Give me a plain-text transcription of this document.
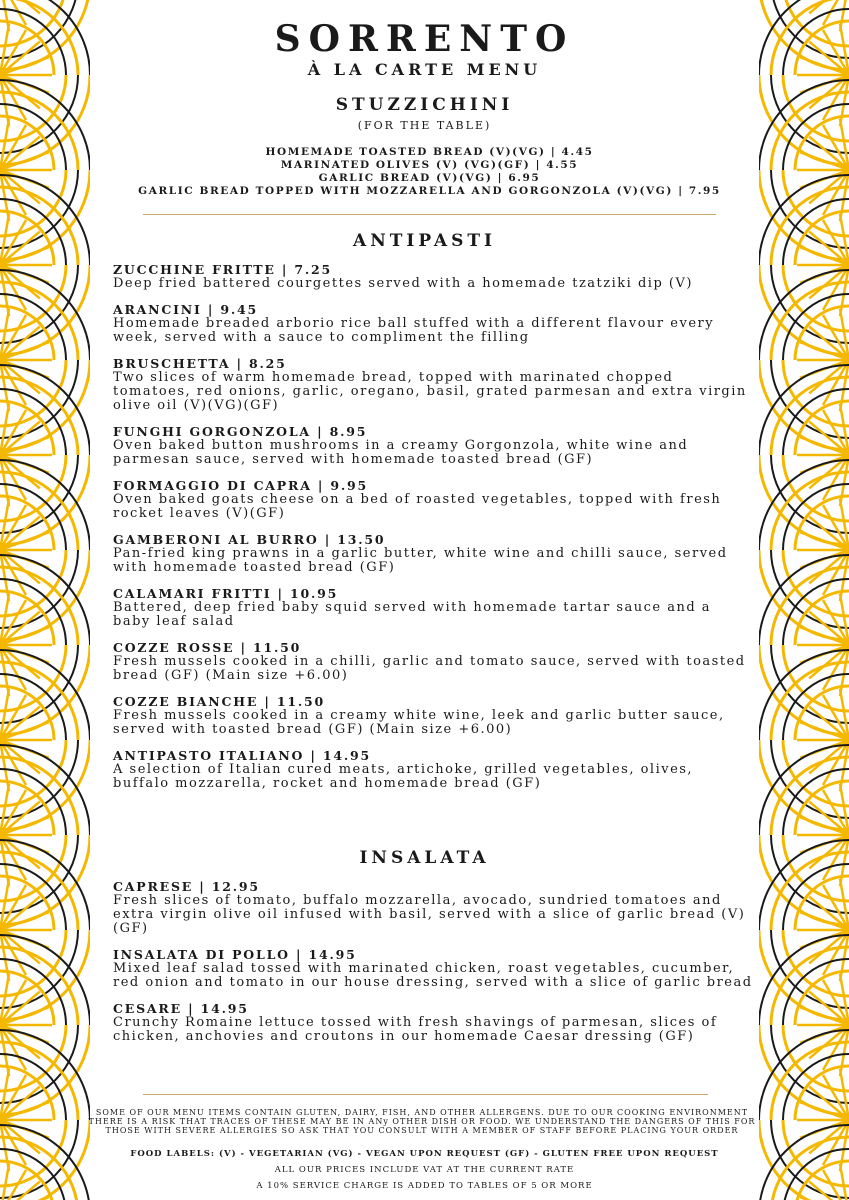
SORRENTO
À LA CARTE MENU
STUZZICHINI
(FOR THE TABLE)
HOMEMADE TOASTED BREAD (V)(VG) | 4.45
MARINATED OLIVES (V) (VG)(GF) | 4.55
GARLIC BREAD (V)(VG) | 6.95
GARLIC BREAD TOPPED WITH MOZZARELLA AND GORGONZOLA (V)(VG) | 7.95
ANTIPASTI
ZUCCHINE FRITTE | 7.25
Deep fried battered courgettes served with a homemade tzatziki dip (V)
ARANCINI | 9.45
Homemade breaded arborio rice ball stuffed with a different flavour every week, served with a sauce to compliment the filling
BRUSCHETTA | 8.25
Two slices of warm homemade bread, topped with marinated chopped tomatoes, red onions, garlic, oregano, basil, grated parmesan and extra virgin olive oil (V)(VG)(GF)
FUNGHI GORGONZOLA | 8.95
Oven baked button mushrooms in a creamy Gorgonzola, white wine and parmesan sauce, served with homemade toasted bread (GF)
FORMAGGIO DI CAPRA | 9.95
Oven baked goats cheese on a bed of roasted vegetables, topped with fresh rocket leaves (V)(GF)
GAMBERONI AL BURRO | 13.50
Pan-fried king prawns in a garlic butter, white wine and chilli sauce, served with homemade toasted bread (GF)
CALAMARI FRITTI | 10.95
Battered, deep fried baby squid served with homemade tartar sauce and a baby leaf salad
COZZE ROSSE | 11.50
Fresh mussels cooked in a chilli, garlic and tomato sauce, served with toasted bread (GF) (Main size +6.00)
COZZE BIANCHE | 11.50
Fresh mussels cooked in a creamy white wine, leek and garlic butter sauce, served with toasted bread (GF) (Main size +6.00)
ANTIPASTO ITALIANO | 14.95
A selection of Italian cured meats, artichoke, grilled vegetables, olives, buffalo mozzarella, rocket and homemade bread (GF)
INSALATA
CAPRESE | 12.95
Fresh slices of tomato, buffalo mozzarella, avocado, sundried tomatoes and extra virgin olive oil infused with basil, served with a slice of garlic bread (V)(GF)
INSALATA DI POLLO | 14.95
Mixed leaf salad tossed with marinated chicken, roast vegetables, cucumber, red onion and tomato in our house dressing, served with a slice of garlic bread
CESARE | 14.95
Crunchy Romaine lettuce tossed with fresh shavings of parmesan, slices of chicken, anchovies and croutons in our homemade Caesar dressing (GF)
SOME OF OUR MENU ITEMS CONTAIN GLUTEN, DAIRY, FISH, AND OTHER ALLERGENS. DUE TO OUR COOKING ENVIRONMENT THERE IS A RISK THAT TRACES OF THESE MAY BE IN ANy OTHER DISH OR FOOD. WE UNDERSTAND THE DANGERS OF THIS FOR THOSE WITH SEVERE ALLERGIES SO ASK THAT YOU CONSULT WITH A MEMBER OF STAFF BEFORE PLACING YOUR ORDER
FOOD LABELS: (V) - VEGETARIAN (VG) - VEGAN UPON REQUEST (GF) - GLUTEN FREE UPON REQUEST
ALL OUR PRICES INCLUDE VAT AT THE CURRENT RATE
A 10% SERVICE CHARGE IS ADDED TO TABLES OF 5 OR MORE
